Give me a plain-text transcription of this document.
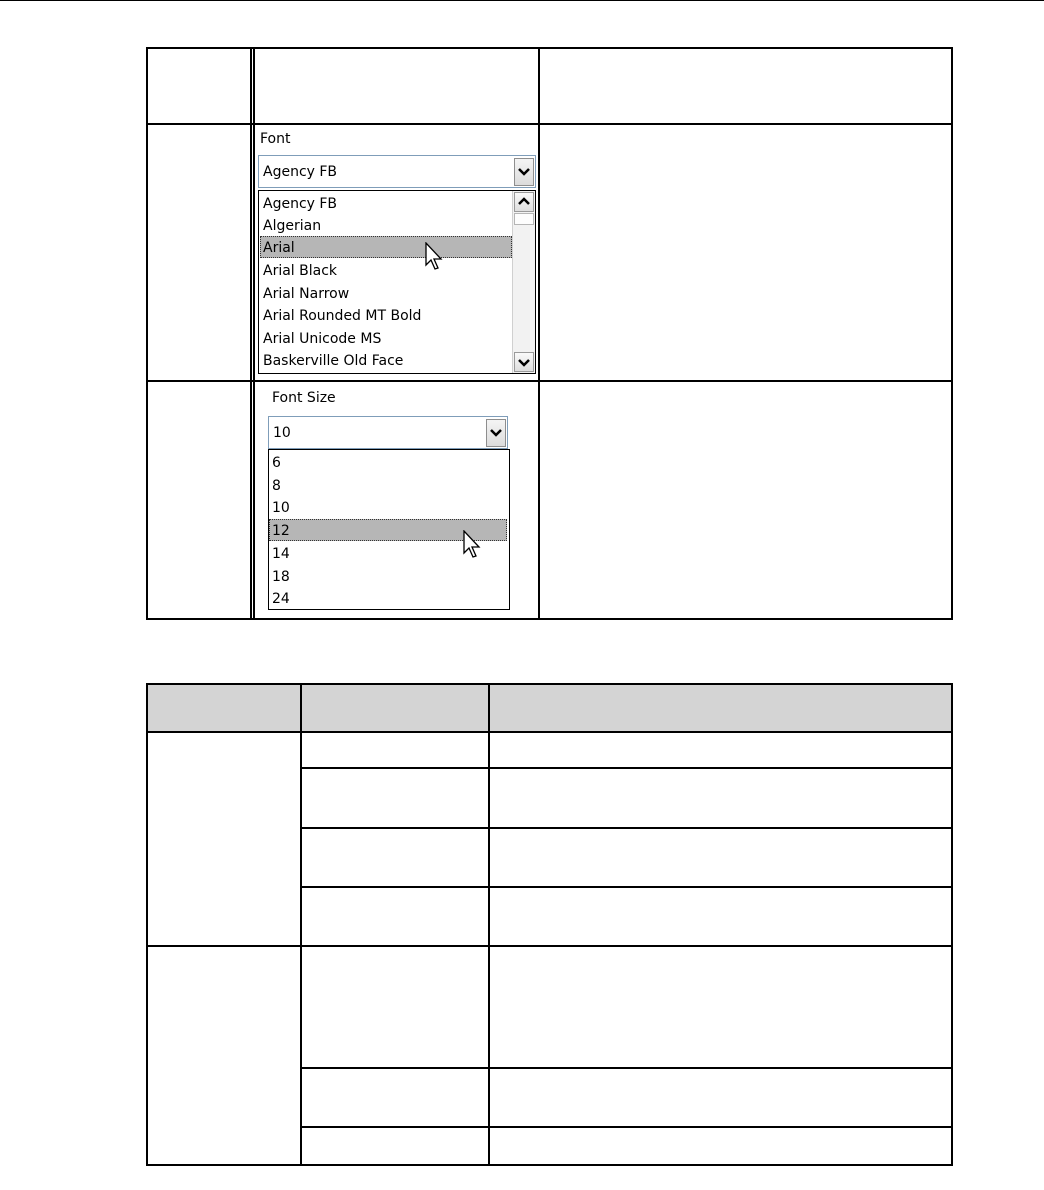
Font
Agency FB
Agency FB
Algerian
Arial
Arial Black
Arial Narrow
Arial Rounded MT Bold
Arial Unicode MS
Baskerville Old Face
Font Size
10
6
8
10
12
14
18
24
